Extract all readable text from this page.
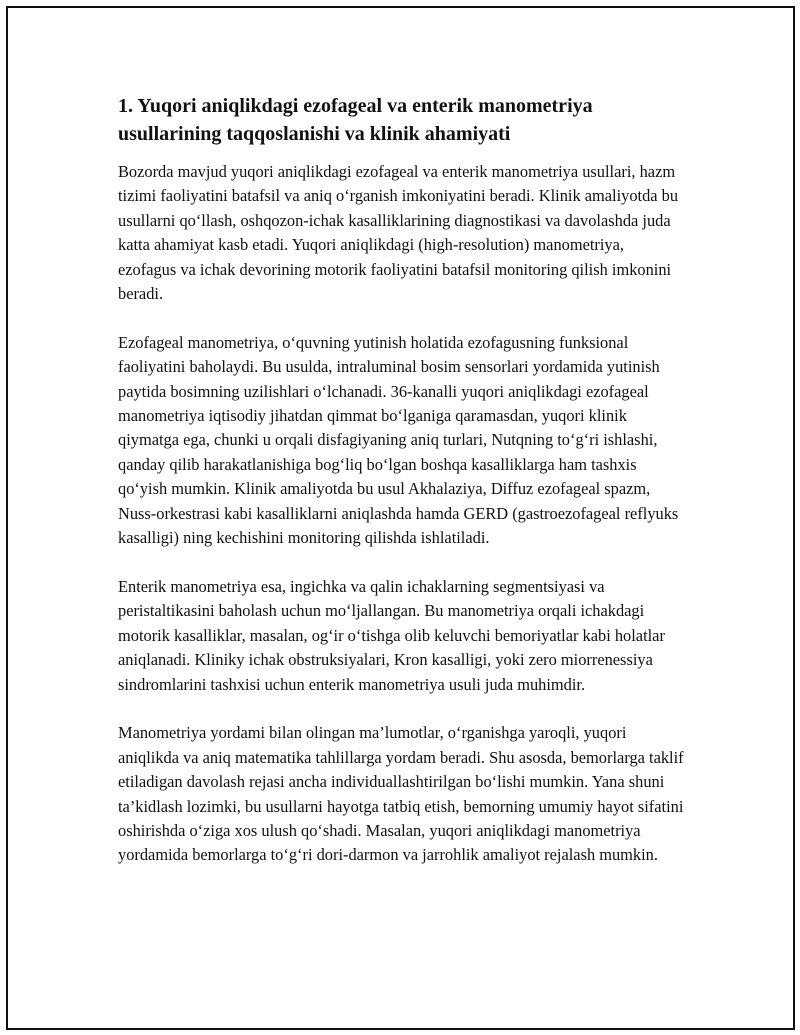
1. Yuqori aniqlikdagi ezofageal va enterik manometriya usullarining taqqoslanishi va klinik ahamiyati

Bozorda mavjud yuqori aniqlikdagi ezofageal va enterik manometriya usullari, hazm tizimi faoliyatini batafsil va aniq o‘rganish imkoniyatini beradi. Klinik amaliyotda bu usullarni qo‘llash, oshqozon-ichak kasalliklarining diagnostikasi va davolashda juda katta ahamiyat kasb etadi. Yuqori aniqlikdagi (high-resolution) manometriya, ezofagus va ichak devorining motorik faoliyatini batafsil monitoring qilish imkonini beradi.

Ezofageal manometriya, o‘quvning yutinish holatida ezofagusning funksional faoliyatini baholaydi. Bu usulda, intraluminal bosim sensorlari yordamida yutinish paytida bosimning uzilishlari o‘lchanadi. 36-kanalli yuqori aniqlikdagi ezofageal manometriya iqtisodiy jihatdan qimmat bo‘lganiga qaramasdan, yuqori klinik qiymatga ega, chunki u orqali disfagiyaning aniq turlari, Nutqning to‘g‘ri ishlashi, qanday qilib harakatlanishiga bog‘liq bo‘lgan boshqa kasalliklarga ham tashxis qo‘yish mumkin. Klinik amaliyotda bu usul Akhalaziya, Diffuz ezofageal spazm, Nuss-orkestrasi kabi kasalliklarni aniqlashda hamda GERD (gastroezofageal reflyuks kasalligi) ning kechishini monitoring qilishda ishlatiladi.

Enterik manometriya esa, ingichka va qalin ichaklarning segmentsiyasi va peristaltikasini baholash uchun mo‘ljallangan. Bu manometriya orqali ichakdagi motorik kasalliklar, masalan, og‘ir o‘tishga olib keluvchi bemoriyatlar kabi holatlar aniqlanadi. Kliniky ichak obstruksiyalari, Kron kasalligi, yoki zero miorrenessiya sindromlarini tashxisi uchun enterik manometriya usuli juda muhimdir.

Manometriya yordami bilan olingan ma’lumotlar, o‘rganishga yaroqli, yuqori aniqlikda va aniq matematika tahlillarga yordam beradi. Shu asosda, bemorlarga taklif etiladigan davolash rejasi ancha individuallashtirilgan bo‘lishi mumkin. Yana shuni ta’kidlash lozimki, bu usullarni hayotga tatbiq etish, bemorning umumiy hayot sifatini oshirishda o‘ziga xos ulush qo‘shadi. Masalan, yuqori aniqlikdagi manometriya yordamida bemorlarga to‘g‘ri dori-darmon va jarrohlik amaliyot rejalash mumkin.
